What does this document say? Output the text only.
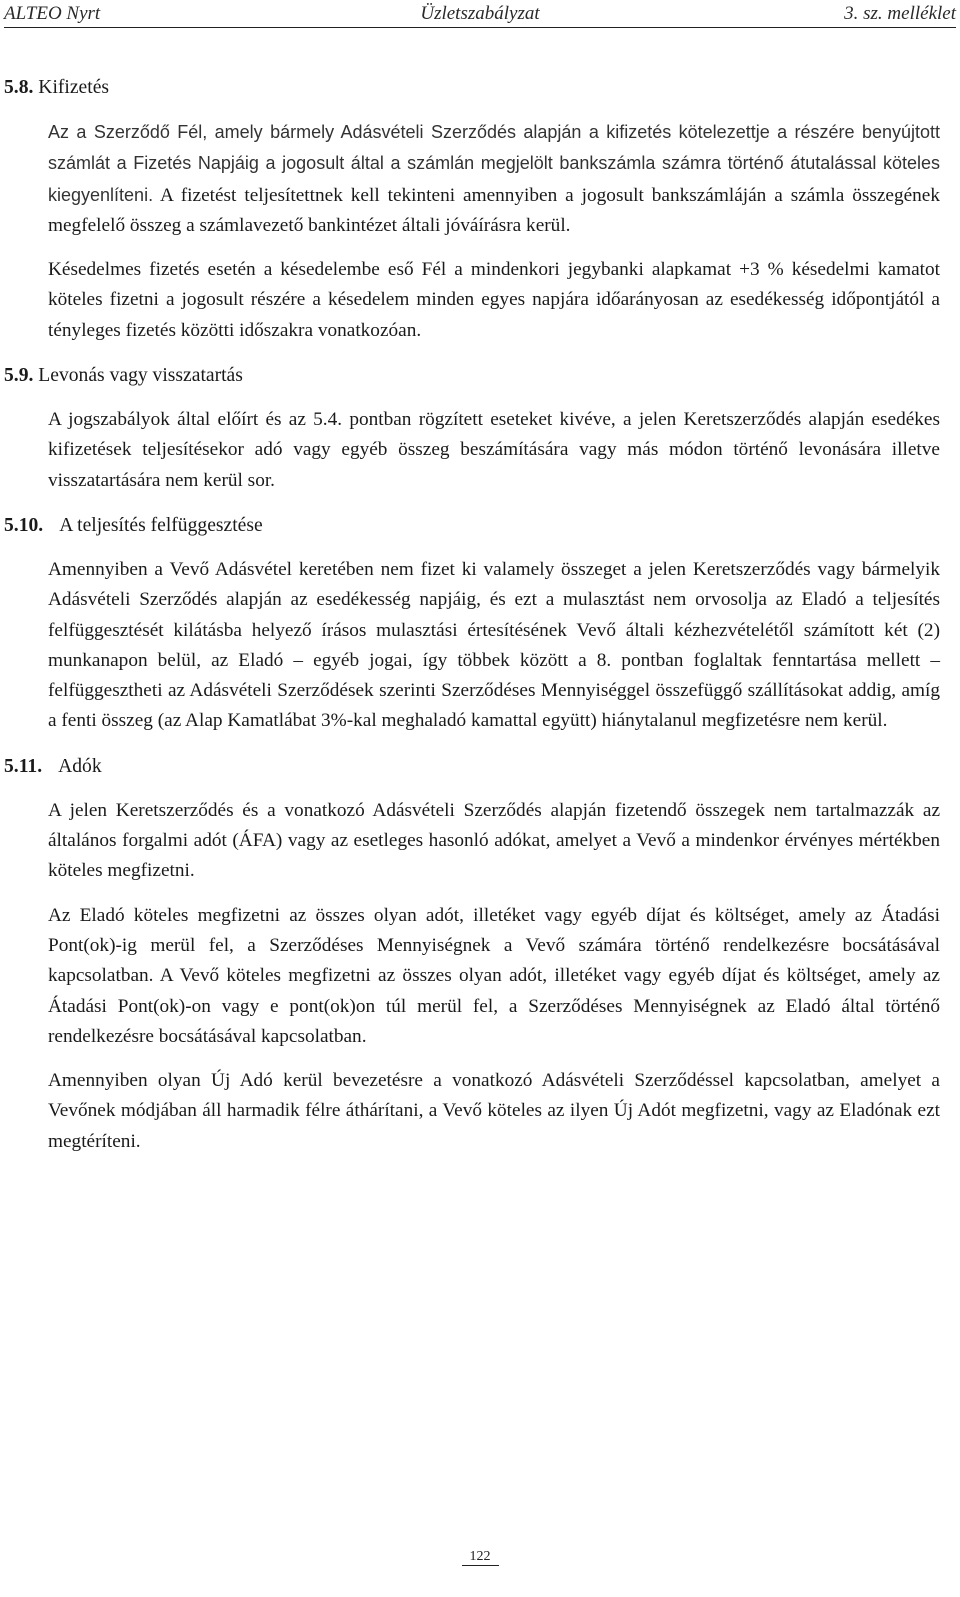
ALTEO Nyrt	Üzletszabályzat	3. sz. melléklet
5.8. Kifizetés

Az a Szerződő Fél, amely bármely Adásvételi Szerződés alapján a kifizetés kötelezettje a részére benyújtott számlát a Fizetés Napjáig a jogosult által a számlán megjelölt bankszámla számra történő átutalással köteles kiegyenlíteni. A fizetést teljesítettnek kell tekinteni amennyiben a jogosult bankszámláján a számla összegének megfelelő összeg a számlavezető bankintézet általi jóváírásra kerül.

Késedelmes fizetés esetén a késedelembe eső Fél a mindenkori jegybanki alapkamat +3 % késedelmi kamatot köteles fizetni a jogosult részére a késedelem minden egyes napjára időarányosan az esedékesség időpontjától a tényleges fizetés közötti időszakra vonatkozóan.

5.9. Levonás vagy visszatartás

A jogszabályok által előírt és az 5.4. pontban rögzített eseteket kivéve, a jelen Keretszerződés alapján esedékes kifizetések teljesítésekor adó vagy egyéb összeg beszámítására vagy más módon történő levonására illetve visszatartására nem kerül sor.

5.10. A teljesítés felfüggesztése

Amennyiben a Vevő Adásvétel keretében nem fizet ki valamely összeget a jelen Keretszerződés vagy bármelyik Adásvételi Szerződés alapján az esedékesség napjáig, és ezt a mulasztást nem orvosolja az Eladó a teljesítés felfüggesztését kilátásba helyező írásos mulasztási értesítésének Vevő általi kézhezvételétől számított két (2) munkanapon belül, az Eladó – egyéb jogai, így többek között a 8. pontban foglaltak fenntartása mellett – felfüggesztheti az Adásvételi Szerződések szerinti Szerződéses Mennyiséggel összefüggő szállításokat addig, amíg a fenti összeg (az Alap Kamatlábat 3%-kal meghaladó kamattal együtt) hiánytalanul megfizetésre nem kerül.

5.11. Adók

A jelen Keretszerződés és a vonatkozó Adásvételi Szerződés alapján fizetendő összegek nem tartalmazzák az általános forgalmi adót (ÁFA) vagy az esetleges hasonló adókat, amelyet a Vevő a mindenkor érvényes mértékben köteles megfizetni.

Az Eladó köteles megfizetni az összes olyan adót, illetéket vagy egyéb díjat és költséget, amely az Átadási Pont(ok)-ig merül fel, a Szerződéses Mennyiségnek a Vevő számára történő rendelkezésre bocsátásával kapcsolatban. A Vevő köteles megfizetni az összes olyan adót, illetéket vagy egyéb díjat és költséget, amely az Átadási Pont(ok)-on vagy e pont(ok)on túl merül fel, a Szerződéses Mennyiségnek az Eladó által történő rendelkezésre bocsátásával kapcsolatban.

Amennyiben olyan Új Adó kerül bevezetésre a vonatkozó Adásvételi Szerződéssel kapcsolatban, amelyet a Vevőnek módjában áll harmadik félre áthárítani, a Vevő köteles az ilyen Új Adót megfizetni, vagy az Eladónak ezt megtéríteni.

122
